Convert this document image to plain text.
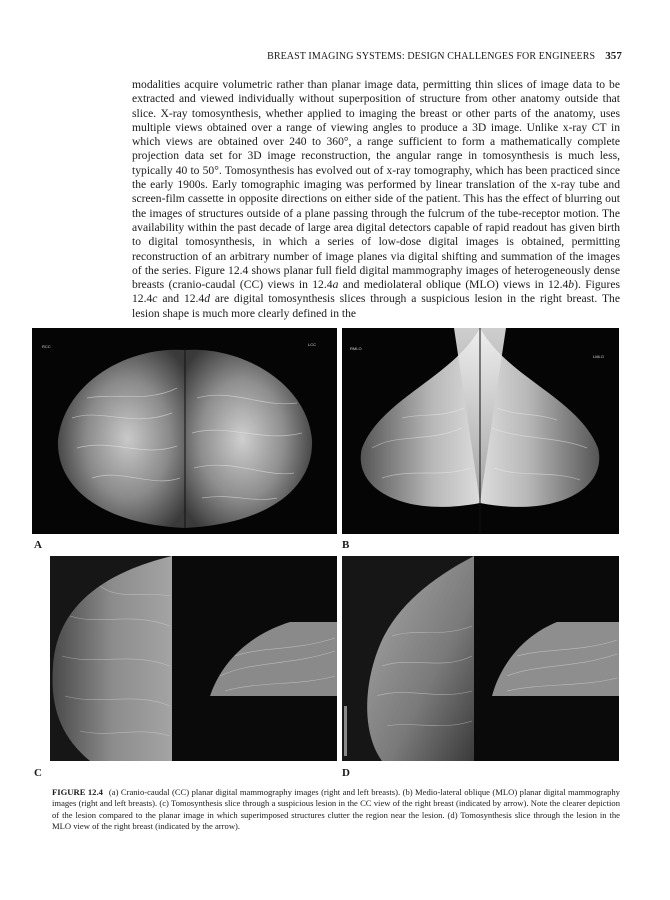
BREAST IMAGING SYSTEMS: DESIGN CHALLENGES FOR ENGINEERS 357
modalities acquire volumetric rather than planar image data, permitting thin slices of image data to be extracted and viewed individually without superposition of structure from other anatomy outside that slice. X-ray tomosynthesis, whether applied to imaging the breast or other parts of the anatomy, uses multiple views obtained over a range of viewing angles to produce a 3D image. Unlike x-ray CT in which views are obtained over 240 to 360°, a range sufficient to form a mathematically complete projection data set for 3D image reconstruction, the angular range in tomosynthesis is much less, typically 40 to 50°. Tomosynthesis has evolved out of x-ray tomography, which has been practiced since the early 1900s. Early tomographic imaging was performed by linear translation of the x-ray tube and screen-film cassette in opposite directions on either side of the patient. This has the effect of blurring out the images of structures outside of a plane passing through the fulcrum of the tube-receptor motion. The availability within the past decade of large area digital detectors capable of rapid readout has given birth to digital tomosynthesis, in which a series of low-dose digital images is obtained, permitting reconstruction of an arbitrary number of image planes via digital shifting and summation of the images of the series. Figure 12.4 shows planar full field digital mammography images of heterogeneously dense breasts (cranio-caudal (CC) views in 12.4a and mediolateral oblique (MLO) views in 12.4b). Figures 12.4c and 12.4d are digital tomosynthesis slices through a suspicious lesion in the right breast. The lesion shape is much more clearly defined in the
RCC	LCC
A
RMLO
LMLO
B
C	D
FIGURE 12.4 (a) Cranio-caudal (CC) planar digital mammography images (right and left breasts). (b) Medio-lateral oblique (MLO) planar digital mammography images (right and left breasts). (c) Tomosynthesis slice through a suspicious lesion in the CC view of the right breast (indicated by arrow). Note the clearer depiction of the lesion compared to the planar image in which superimposed structures clutter the region near the lesion. (d) Tomosynthesis slice through the lesion in the MLO view of the right breast (indicated by the arrow).
